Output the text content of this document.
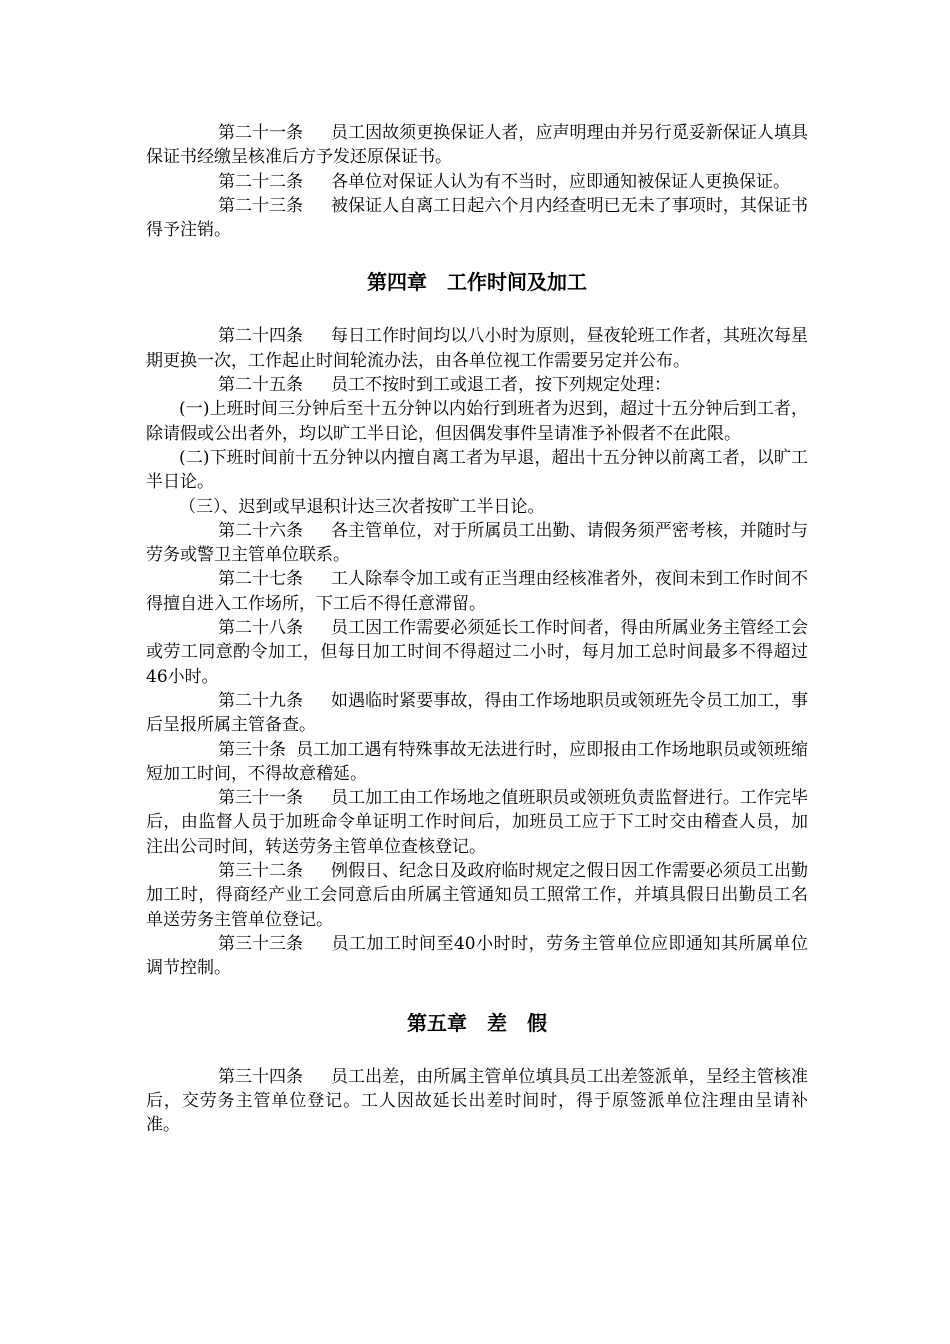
第二十一条 员工因故须更换保证人者，应声明理由并另行觅妥新保证人填具保证书经缴呈核准后方予发还原保证书。

第二十二条 各单位对保证人认为有不当时，应即通知被保证人更换保证。

第二十三条 被保证人自离工日起六个月内经查明已无未了事项时，其保证书得予注销。

第四章　工作时间及加工

第二十四条 每日工作时间均以八小时为原则，昼夜轮班工作者，其班次每星期更换一次，工作起止时间轮流办法，由各单位视工作需要另定并公布。

第二十五条 员工不按时到工或退工者，按下列规定处理：

(一)上班时间三分钟后至十五分钟以内始行到班者为迟到，超过十五分钟后到工者，除请假或公出者外，均以旷工半日论，但因偶发事件呈请准予补假者不在此限。

(二)下班时间前十五分钟以内擅自离工者为早退，超出十五分钟以前离工者，以旷工半日论。

（三）、迟到或早退积计达三次者按旷工半日论。

第二十六条 各主管单位，对于所属员工出勤、请假务须严密考核，并随时与劳务或警卫主管单位联系。

第二十七条 工人除奉令加工或有正当理由经核准者外，夜间未到工作时间不得擅自进入工作场所，下工后不得任意滞留。

第二十八条 员工因工作需要必须延长工作时间者，得由所属业务主管经工会或劳工同意酌令加工，但每日加工时间不得超过二小时，每月加工总时间最多不得超过46小时。

第二十九条 如遇临时紧要事故，得由工作场地职员或领班先令员工加工，事后呈报所属主管备查。

第三十条 员工加工遇有特殊事故无法进行时，应即报由工作场地职员或领班缩短加工时间，不得故意稽延。

第三十一条 员工加工由工作场地之值班职员或领班负责监督进行。工作完毕后，由监督人员于加班命令单证明工作时间后，加班员工应于下工时交由稽查人员，加注出公司时间，转送劳务主管单位查核登记。

第三十二条 例假日、纪念日及政府临时规定之假日因工作需要必须员工出勤加工时，得商经产业工会同意后由所属主管通知员工照常工作，并填具假日出勤员工名单送劳务主管单位登记。

第三十三条 员工加工时间至40小时时，劳务主管单位应即通知其所属单位调节控制。

第五章　差　假

第三十四条 员工出差，由所属主管单位填具员工出差签派单，呈经主管核准后，交劳务主管单位登记。工人因故延长出差时间时，得于原签派单位注理由呈请补准。
